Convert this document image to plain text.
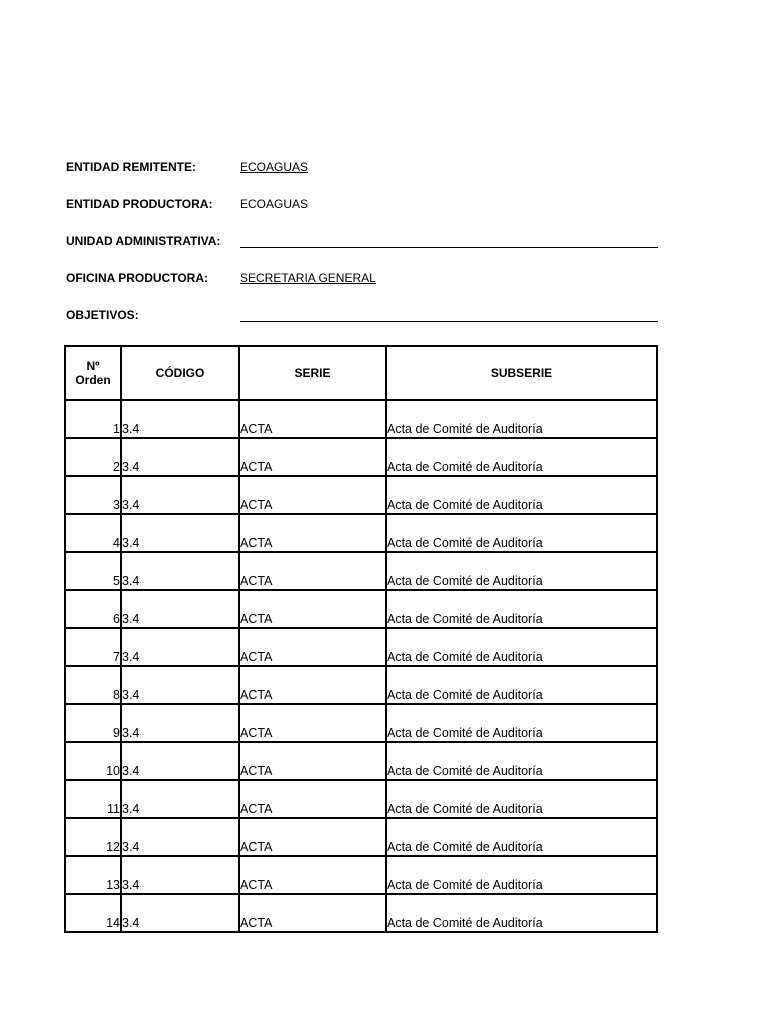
ENTIDAD REMITENTE:	ECOAGUAS
ENTIDAD PRODUCTORA: ECOAGUAS
UNIDAD ADMINISTRATIVA:
OFICINA PRODUCTORA:	SECRETARIA GENERAL
OBJETIVOS:
Nº
Orden	CÓDIGO	SERIE	SUBSERIE
1	3.4	ACTA	Acta de Comité de Auditoría
2	3.4	ACTA	Acta de Comité de Auditoría
3	3.4	ACTA	Acta de Comité de Auditoría
4	3.4	ACTA	Acta de Comité de Auditoría
5	3.4	ACTA	Acta de Comité de Auditoría
6	3.4	ACTA	Acta de Comité de Auditoría
7	3.4	ACTA	Acta de Comité de Auditoría
8	3.4	ACTA	Acta de Comité de Auditoría
9	3.4	ACTA	Acta de Comité de Auditoría
10	3.4	ACTA	Acta de Comité de Auditoría
11	3.4	ACTA	Acta de Comité de Auditoría
12	3.4	ACTA	Acta de Comité de Auditoría
13	3.4	ACTA	Acta de Comité de Auditoría
14	3.4	ACTA	Acta de Comité de Auditoría
